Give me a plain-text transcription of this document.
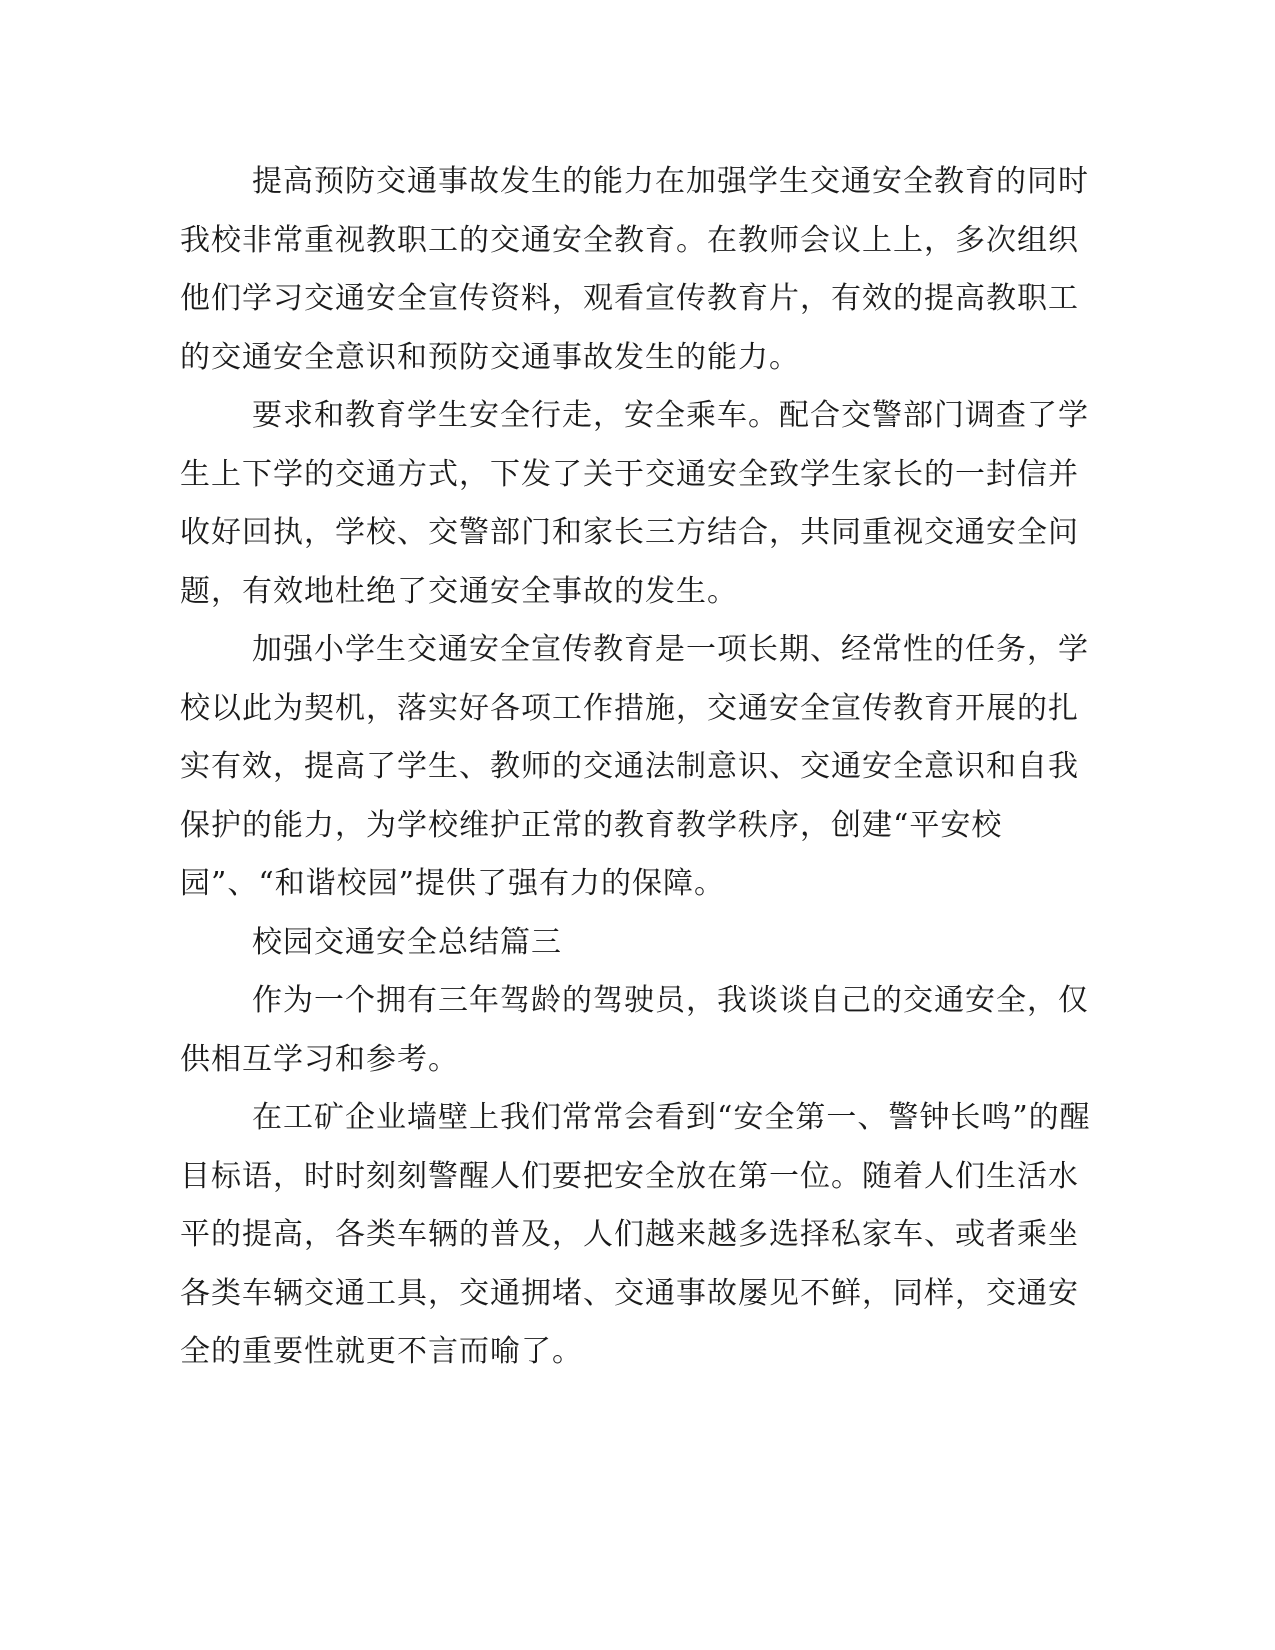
提高预防交通事故发生的能力在加强学生交通安全教育的同时我校非常重视教职工的交通安全教育。在教师会议上上，多次组织他们学习交通安全宣传资料，观看宣传教育片，有效的提高教职工的交通安全意识和预防交通事故发生的能力。

要求和教育学生安全行走，安全乘车。配合交警部门调查了学生上下学的交通方式，下发了关于交通安全致学生家长的一封信并收好回执，学校、交警部门和家长三方结合，共同重视交通安全问题，有效地杜绝了交通安全事故的发生。

加强小学生交通安全宣传教育是一项长期、经常性的任务，学校以此为契机，落实好各项工作措施，交通安全宣传教育开展的扎实有效，提高了学生、教师的交通法制意识、交通安全意识和自我保护的能力，为学校维护正常的教育教学秩序，创建“平安校园”、“和谐校园”提供了强有力的保障。

校园交通安全总结篇三

作为一个拥有三年驾龄的驾驶员，我谈谈自己的交通安全，仅供相互学习和参考。

在工矿企业墙壁上我们常常会看到“安全第一、警钟长鸣”的醒目标语，时时刻刻警醒人们要把安全放在第一位。随着人们生活水平的提高，各类车辆的普及，人们越来越多选择私家车、或者乘坐各类车辆交通工具，交通拥堵、交通事故屡见不鲜，同样，交通安全的重要性就更不言而喻了。
